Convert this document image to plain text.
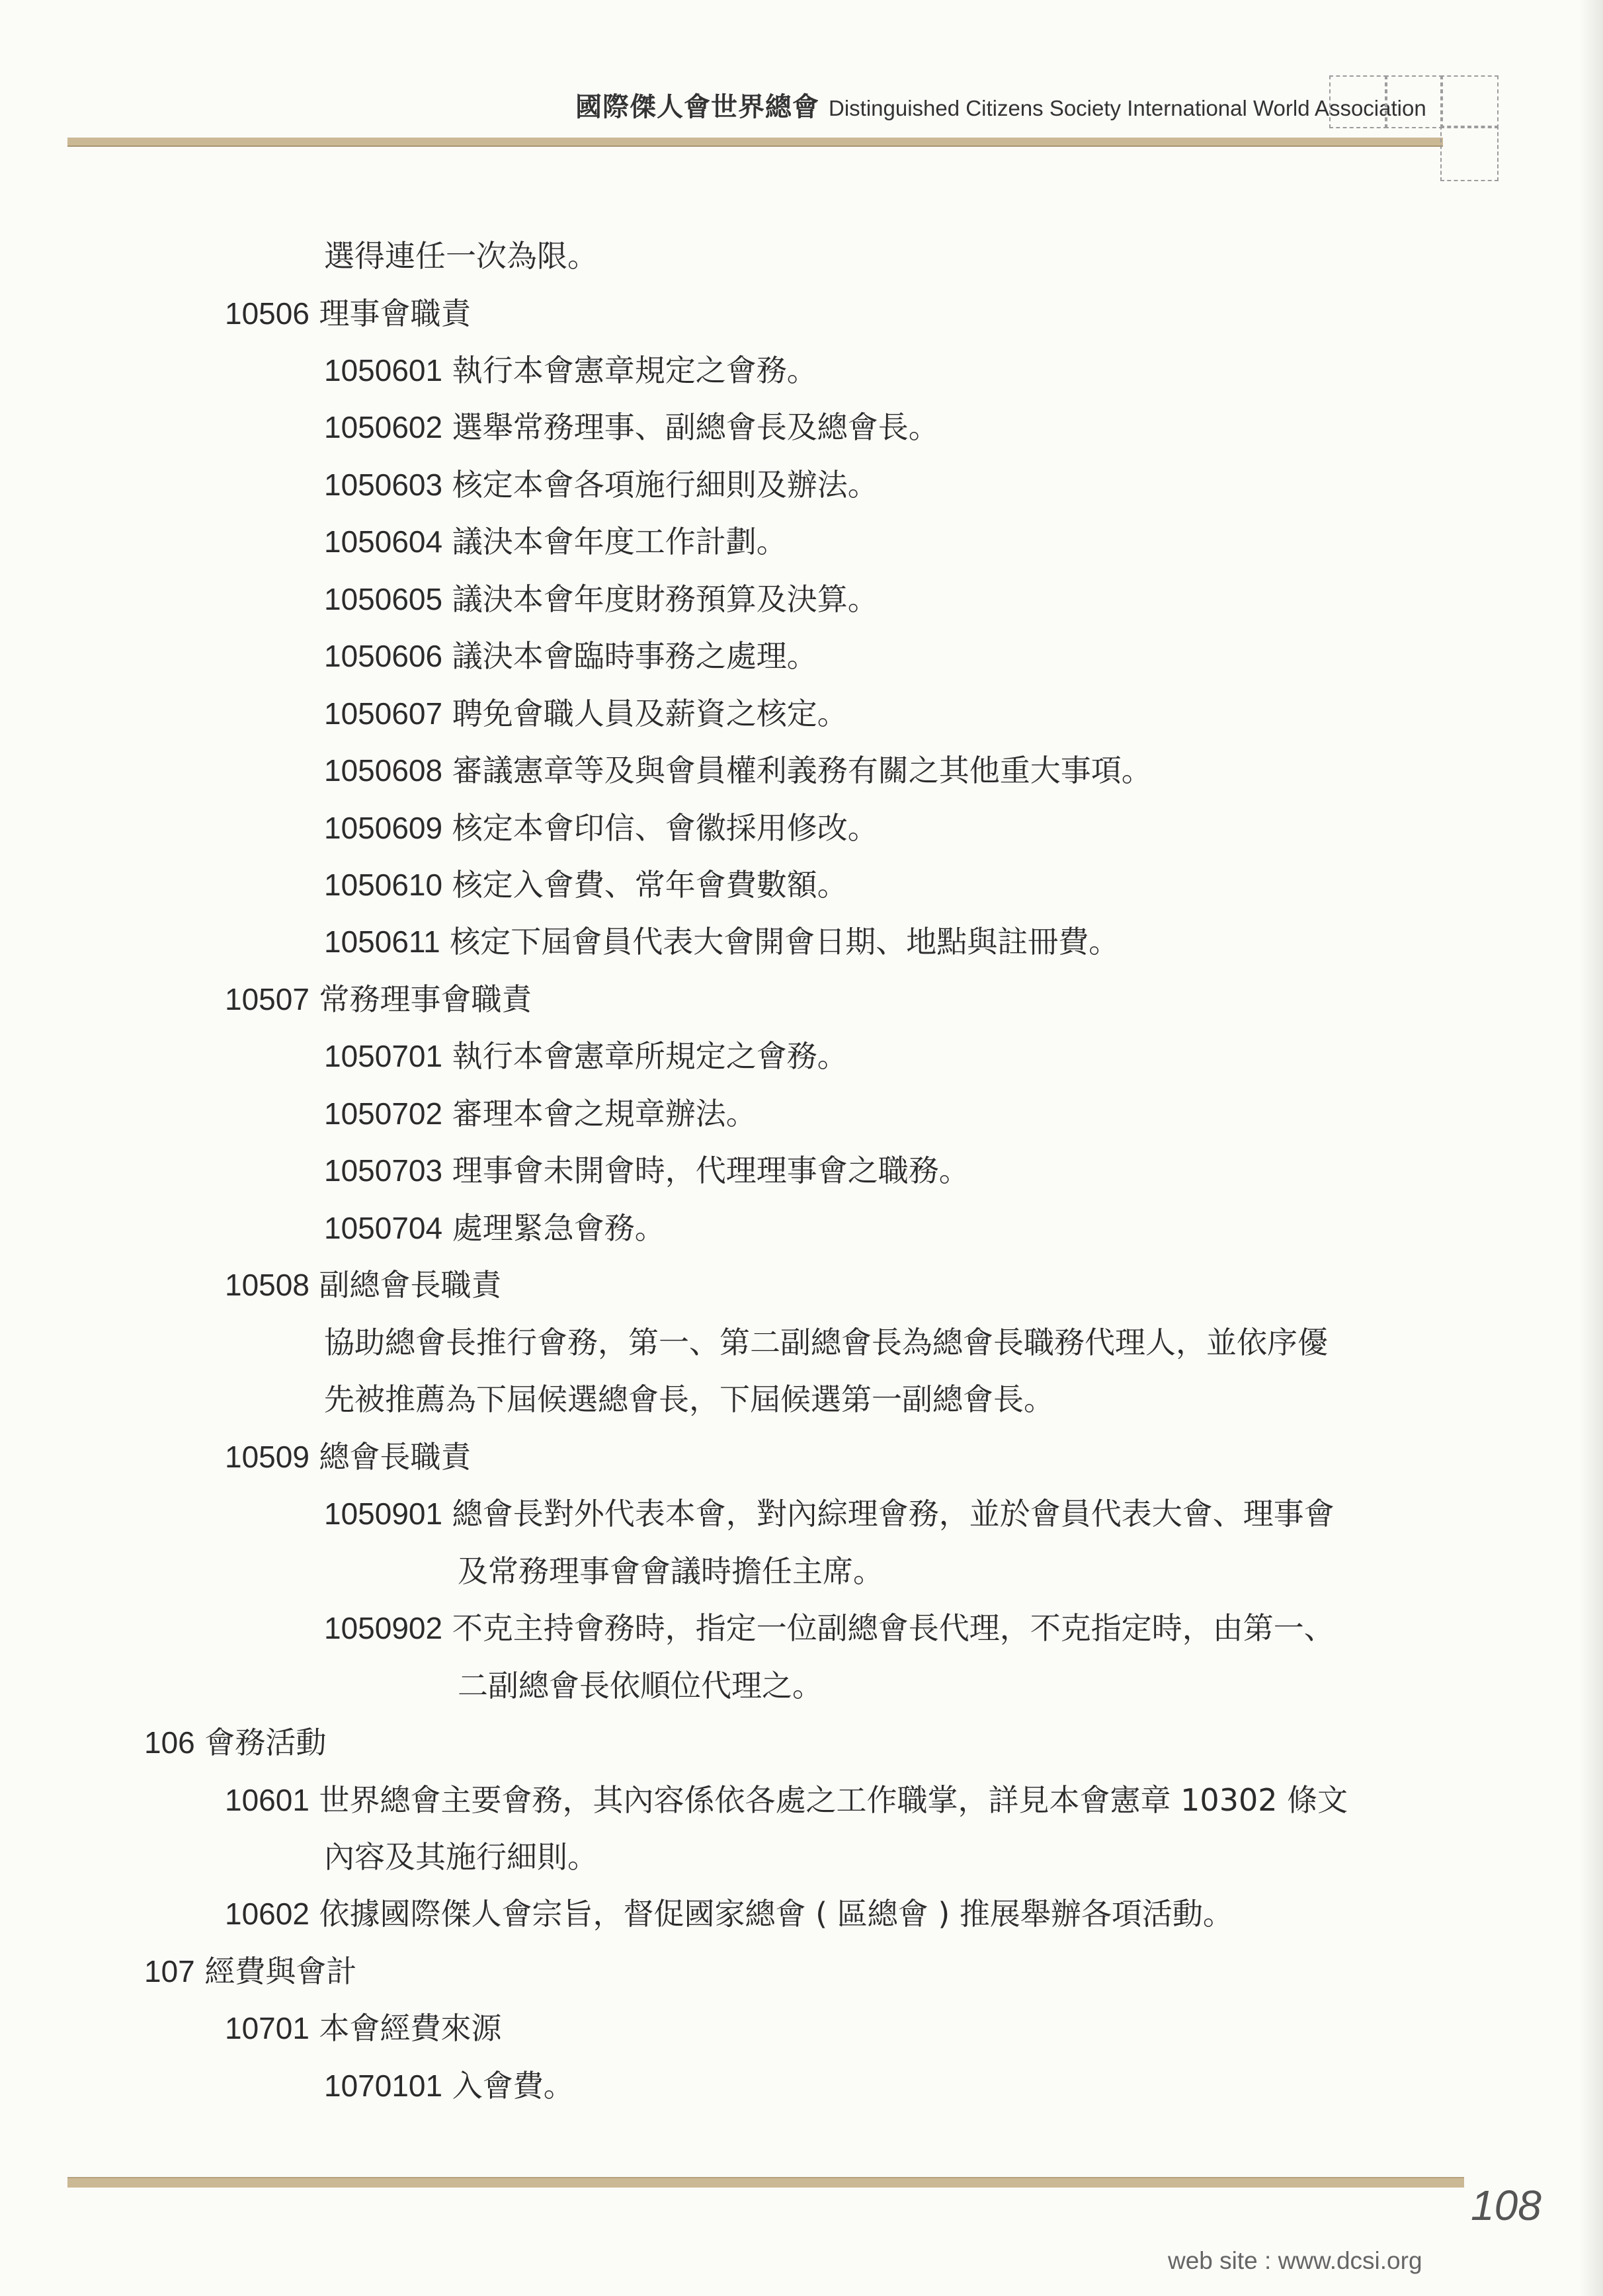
國際傑人會世界總會 Distinguished Citizens Society International World Association
選得連任一次為限。
10506 理事會職責
1050601 執行本會憲章規定之會務。
1050602 選舉常務理事、副總會長及總會長。
1050603 核定本會各項施行細則及辦法。
1050604 議決本會年度工作計劃。
1050605 議決本會年度財務預算及決算。
1050606 議決本會臨時事務之處理。
1050607 聘免會職人員及薪資之核定。
1050608 審議憲章等及與會員權利義務有關之其他重大事項。
1050609 核定本會印信、會徽採用修改。
1050610 核定入會費、常年會費數額。
1050611 核定下屆會員代表大會開會日期、地點與註冊費。
10507 常務理事會職責
1050701 執行本會憲章所規定之會務。
1050702 審理本會之規章辦法。
1050703 理事會未開會時，代理理事會之職務。
1050704 處理緊急會務。
10508 副總會長職責
協助總會長推行會務，第一、第二副總會長為總會長職務代理人，並依序優
先被推薦為下屆候選總會長，下屆候選第一副總會長。
10509 總會長職責
1050901 總會長對外代表本會，對內綜理會務，並於會員代表大會、理事會
及常務理事會會議時擔任主席。
1050902 不克主持會務時，指定一位副總會長代理，不克指定時，由第一、
二副總會長依順位代理之。
106 會務活動
10601 世界總會主要會務，其內容係依各處之工作職掌，詳見本會憲章 10302 條文
內容及其施行細則。
10602 依據國際傑人會宗旨，督促國家總會 ( 區總會 ) 推展舉辦各項活動。
107 經費與會計
10701 本會經費來源
1070101 入會費。
108
web site : www.dcsi.org
